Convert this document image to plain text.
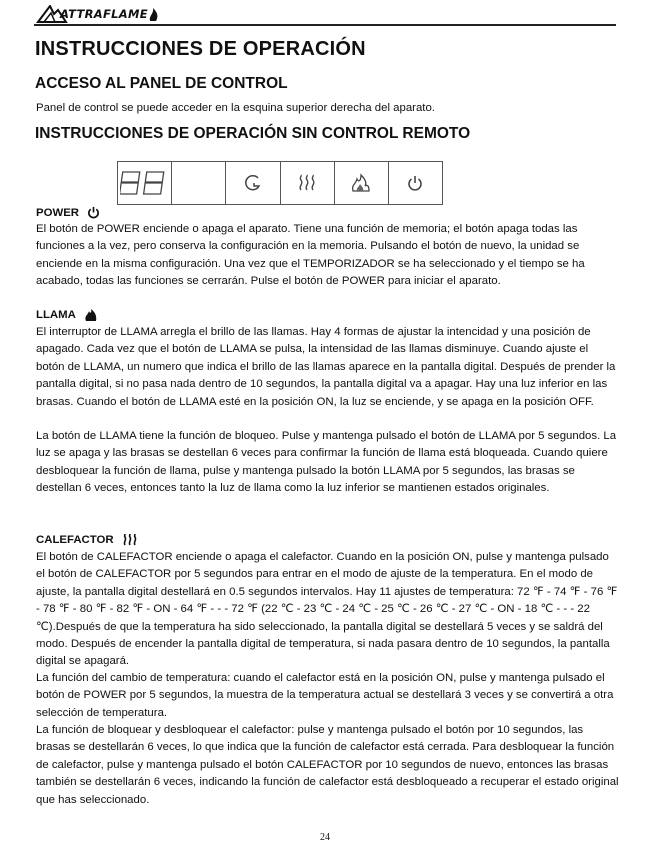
ATTRAFLAME
INSTRUCCIONES DE OPERACIÓN
ACCESO AL PANEL DE CONTROL

Panel de control se puede acceder en la esquina superior derecha del aparato.

INSTRUCCIONES DE OPERACIÓN SIN CONTROL REMOTO
POWER

El botón de POWER enciende o apaga el aparato. Tiene una función de memoria; el botón apaga todas las funciones a la vez, pero conserva la configuración en la memoria. Pulsando el botón de nuevo, la unidad se enciende en la misma configuración. Una vez que el TEMPORIZADOR se ha seleccionado y el tiempo se ha acabado, todas las funciones se cerrarán. Pulse el botón de POWER para iniciar el aparato.

LLAMA

El interruptor de LLAMA arregla el brillo de las llamas. Hay 4 formas de ajustar la intencidad y una posición de apagado. Cada vez que el botón de LLAMA se pulsa, la intensidad de las llamas disminuye. Cuando ajuste el botón de LLAMA, un numero que indica el brillo de las llamas aparece en la pantalla digital. Después de prender la pantalla digital, si no pasa nada dentro de 10 segundos, la pantalla digital va a apagar. Hay una luz inferior en las brasas. Cuando el botón de LLAMA esté en la posición ON, la luz se enciende, y se apaga en la posición OFF.

La botón de LLAMA tiene la función de bloqueo. Pulse y mantenga pulsado el botón de LLAMA por 5 segundos. La luz se apaga y las brasas se destellan 6 veces para confirmar la función de llama está bloqueada. Cuando quiere desbloquear la función de llama, pulse y mantenga pulsado la botón LLAMA por 5 segundos, las brasas se destellan 6 veces, entonces tanto la luz de llama como la luz inferior se mantienen estados originales.

CALEFACTOR

El botón de CALEFACTOR enciende o apaga el calefactor. Cuando en la posición ON, pulse y mantenga pulsado el botón de CALEFACTOR por 5 segundos para entrar en el modo de ajuste de la temperatura. En el modo de ajuste, la pantalla digital destellará en 0.5 segundos intervalos. Hay 11 ajustes de temperatura: 72 ℉ - 74 ℉ - 76 ℉ - 78 ℉ - 80 ℉ - 82 ℉ - ON - 64 ℉ - - - 72 ℉ (22 ℃ - 23 ℃ - 24 ℃ - 25 ℃ - 26 ℃ - 27 ℃ - ON - 18 ℃ - - - 22 ℃).Después de que la temperatura ha sido seleccionado, la pantalla digital se destellará 5 veces y se saldrá del modo. Después de encender la pantalla digital de temperatura, si nada pasara dentro de 10 segundos, la pantalla digital se apagará.

La función del cambio de temperatura: cuando el calefactor está en la posición ON, pulse y mantenga pulsado el botón de POWER por 5 segundos, la muestra de la temperatura actual se destellará 3 veces y se convertirá a otra selección de temperatura.

La función de bloquear y desbloquear el calefactor: pulse y mantenga pulsado el botón por 10 segundos, las brasas se destellarán 6 veces, lo que indica que la función de calefactor está cerrada. Para desbloquear la función de calefactor, pulse y mantenga pulsado el botón CALEFACTOR por 10 segundos de nuevo, entonces las brasas también se destellarán 6 veces, indicando la función de calefactor está desbloqueado a recuperar el estado original que has seleccionado.

24
